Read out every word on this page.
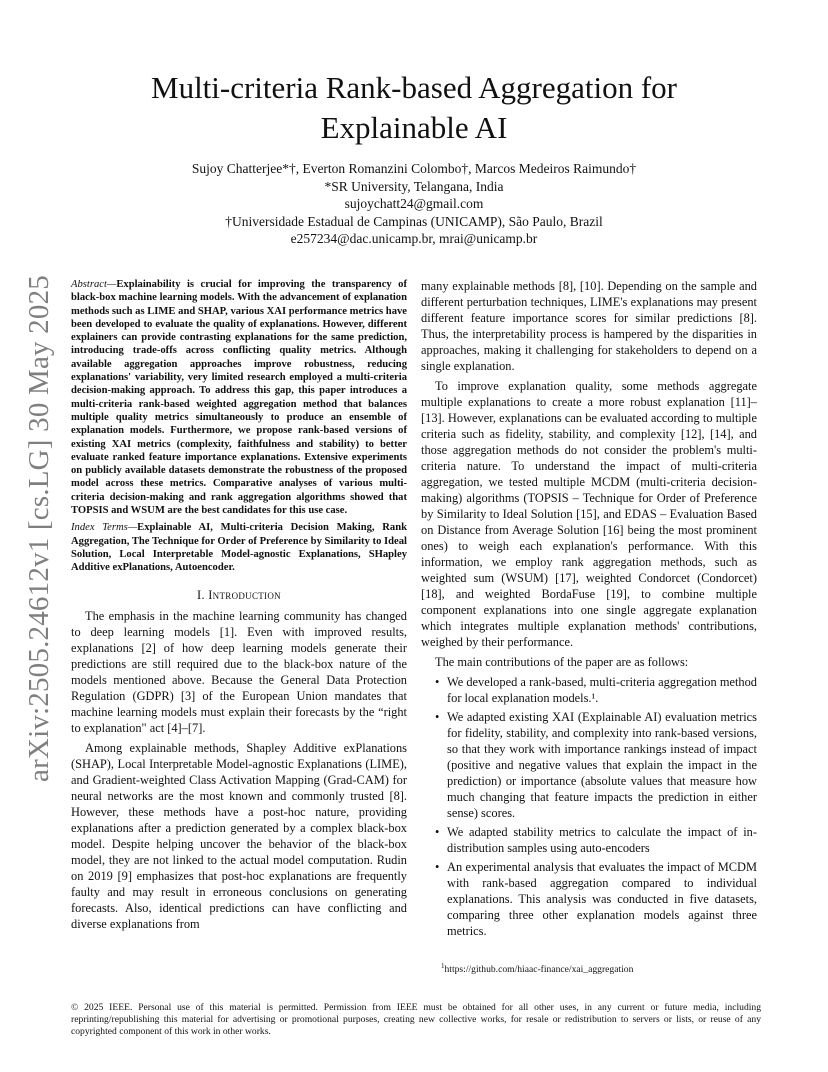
arXiv:2505.24612v1 [cs.LG] 30 May 2025
Multi-criteria Rank-based Aggregation for
Explainable AI
Sujoy Chatterjee*†, Everton Romanzini Colombo†, Marcos Medeiros Raimundo†
*SR University, Telangana, India
sujoychatt24@gmail.com
†Universidade Estadual de Campinas (UNICAMP), São Paulo, Brazil
e257234@dac.unicamp.br, mrai@unicamp.br

Abstract—Explainability is crucial for improving the transparency of black-box machine learning models. With the advancement of explanation methods such as LIME and SHAP, various XAI performance metrics have been developed to evaluate the quality of explanations. However, different explainers can provide contrasting explanations for the same prediction, introducing trade-offs across conflicting quality metrics. Although available aggregation approaches improve robustness, reducing explanations' variability, very limited research employed a multi-criteria decision-making approach. To address this gap, this paper introduces a multi-criteria rank-based weighted aggregation method that balances multiple quality metrics simultaneously to produce an ensemble of explanation models. Furthermore, we propose rank-based versions of existing XAI metrics (complexity, faithfulness and stability) to better evaluate ranked feature importance explanations. Extensive experiments on publicly available datasets demonstrate the robustness of the proposed model across these metrics. Comparative analyses of various multi-criteria decision-making and rank aggregation algorithms showed that TOPSIS and WSUM are the best candidates for this use case.

Index Terms—Explainable AI, Multi-criteria Decision Making, Rank Aggregation, The Technique for Order of Preference by Similarity to Ideal Solution, Local Interpretable Model-agnostic Explanations, SHapley Additive exPlanations, Autoencoder.

I. Introduction

The emphasis in the machine learning community has changed to deep learning models [1]. Even with improved results, explanations [2] of how deep learning models generate their predictions are still required due to the black-box nature of the models mentioned above. Because the General Data Protection Regulation (GDPR) [3] of the European Union mandates that machine learning models must explain their forecasts by the “right to explanation" act [4]–[7].

Among explainable methods, Shapley Additive exPlanations (SHAP), Local Interpretable Model-agnostic Explanations (LIME), and Gradient-weighted Class Activation Mapping (Grad-CAM) for neural networks are the most known and commonly trusted [8]. However, these methods have a post-hoc nature, providing explanations after a prediction generated by a complex black-box model. Despite helping uncover the behavior of the black-box model, they are not linked to the actual model computation. Rudin on 2019 [9] emphasizes that post-hoc explanations are frequently faulty and may result in erroneous conclusions on generating forecasts. Also, identical predictions can have conflicting and diverse explanations from

many explainable methods [8], [10]. Depending on the sample and different perturbation techniques, LIME's explanations may present different feature importance scores for similar predictions [8]. Thus, the interpretability process is hampered by the disparities in approaches, making it challenging for stakeholders to depend on a single explanation.

To improve explanation quality, some methods aggregate multiple explanations to create a more robust explanation [11]–[13]. However, explanations can be evaluated according to multiple criteria such as fidelity, stability, and complexity [12], [14], and those aggregation methods do not consider the problem's multi-criteria nature. To understand the impact of multi-criteria aggregation, we tested multiple MCDM (multi-criteria decision-making) algorithms (TOPSIS – Technique for Order of Preference by Similarity to Ideal Solution [15], and EDAS – Evaluation Based on Distance from Average Solution [16] being the most prominent ones) to weigh each explanation's performance. With this information, we employ rank aggregation methods, such as weighted sum (WSUM) [17], weighted Condorcet (Condorcet) [18], and weighted BordaFuse [19], to combine multiple component explanations into one single aggregate explanation which integrates multiple explanation methods' contributions, weighed by their performance.

The main contributions of the paper are as follows:

• We developed a rank-based, multi-criteria aggregation method for local explanation models.¹.
• We adapted existing XAI (Explainable AI) evaluation metrics for fidelity, stability, and complexity into rank-based versions, so that they work with importance rankings instead of impact (positive and negative values that explain the impact in the prediction) or importance (absolute values that measure how much changing that feature impacts the prediction in either sense) scores.
• We adapted stability metrics to calculate the impact of in-distribution samples using auto-encoders
• An experimental analysis that evaluates the impact of MCDM with rank-based aggregation compared to individual explanations. This analysis was conducted in five datasets, comparing three other explanation models against three metrics.

$^1$https://github.com/hiaac-finance/xai_aggregation

© 2025 IEEE. Personal use of this material is permitted. Permission from IEEE must be obtained for all other uses, in any current or future media, including reprinting/republishing this material for advertising or promotional purposes, creating new collective works, for resale or redistribution to servers or lists, or reuse of any copyrighted component of this work in other works.
